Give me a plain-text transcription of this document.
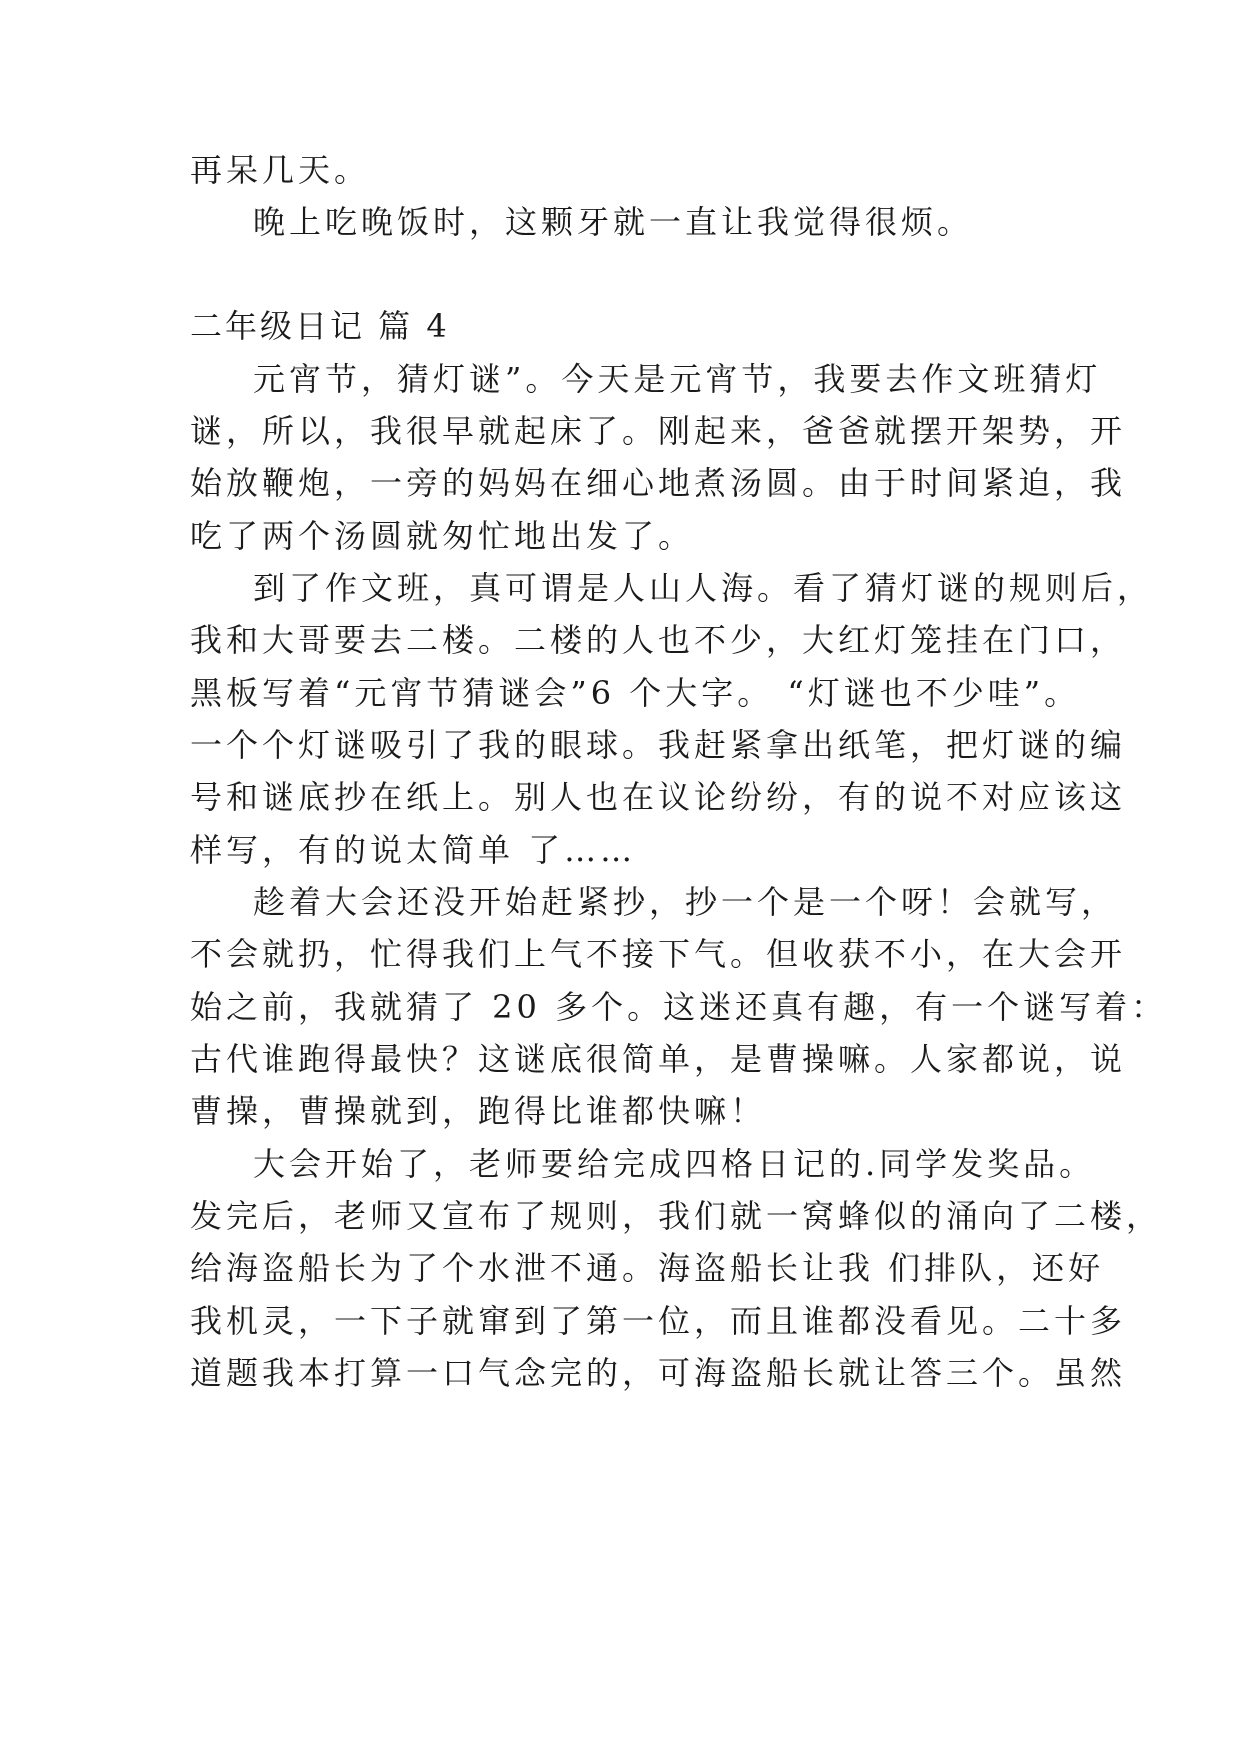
再呆几天。
晚上吃晚饭时，这颗牙就一直让我觉得很烦。
二年级日记 篇 4
元宵节，猜灯谜”。今天是元宵节，我要去作文班猜灯
谜，所以，我很早就起床了。刚起来，爸爸就摆开架势，开
始放鞭炮，一旁的妈妈在细心地煮汤圆。由于时间紧迫，我
吃了两个汤圆就匆忙地出发了。
到了作文班，真可谓是人山人海。看了猜灯谜的规则后，
我和大哥要去二楼。二楼的人也不少，大红灯笼挂在门口，
黑板写着“元宵节猜谜会”6 个大字。 “灯谜也不少哇”。
一个个灯谜吸引了我的眼球。我赶紧拿出纸笔，把灯谜的编
号和谜底抄在纸上。别人也在议论纷纷，有的说不对应该这
样写，有的说太简单 了……
趁着大会还没开始赶紧抄，抄一个是一个呀！会就写，
不会就扔，忙得我们上气不接下气。但收获不小，在大会开
始之前，我就猜了 20 多个。这迷还真有趣，有一个谜写着：
古代谁跑得最快？这谜底很简单，是曹操嘛。人家都说，说
曹操，曹操就到，跑得比谁都快嘛！
大会开始了，老师要给完成四格日记的.同学发奖品。
发完后，老师又宣布了规则，我们就一窝蜂似的涌向了二楼，
给海盗船长为了个水泄不通。海盗船长让我 们排队，还好
我机灵，一下子就窜到了第一位，而且谁都没看见。二十多
道题我本打算一口气念完的，可海盗船长就让答三个。虽然
